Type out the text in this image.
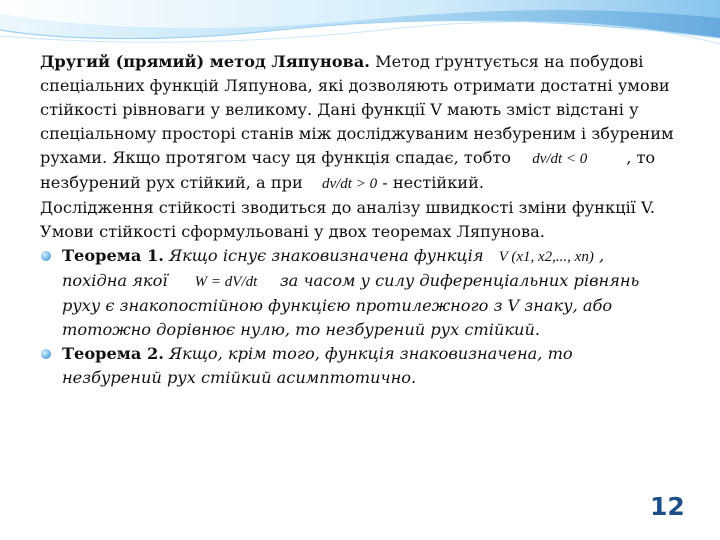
Другий (прямий) метод Ляпунова. Метод ґрунтується на побудові
спеціальних функцій Ляпунова, які дозволяють отримати достатні умови
стійкості рівноваги у великому. Дані функції V мають зміст відстані у
спеціальному просторі станів між досліджуваним незбуреним і збуреним
рухами. Якщо протягом часу ця функція спадає, тобто dv/dt < 0 , то
незбурений рух стійкий, а при dv/dt > 0 - нестійкий.

Дослідження стійкості зводиться до аналізу швидкості зміни функції V.
Умови стійкості сформульовані у двох теоремах Ляпунова.

Теорема 1. Якщо існує знаковизначена функція V (x1, x2,..., xn) ,
похідна якої W = dV/dt за часом у силу диференціальних рівнянь
руху є знакопостійною функцією протилежного з V знаку, або
тотожно дорівнює нулю, то незбурений рух стійкий.
Теорема 2. Якщо, крім того, функція знаковизначена, то
незбурений рух стійкий асимптотично.
12
